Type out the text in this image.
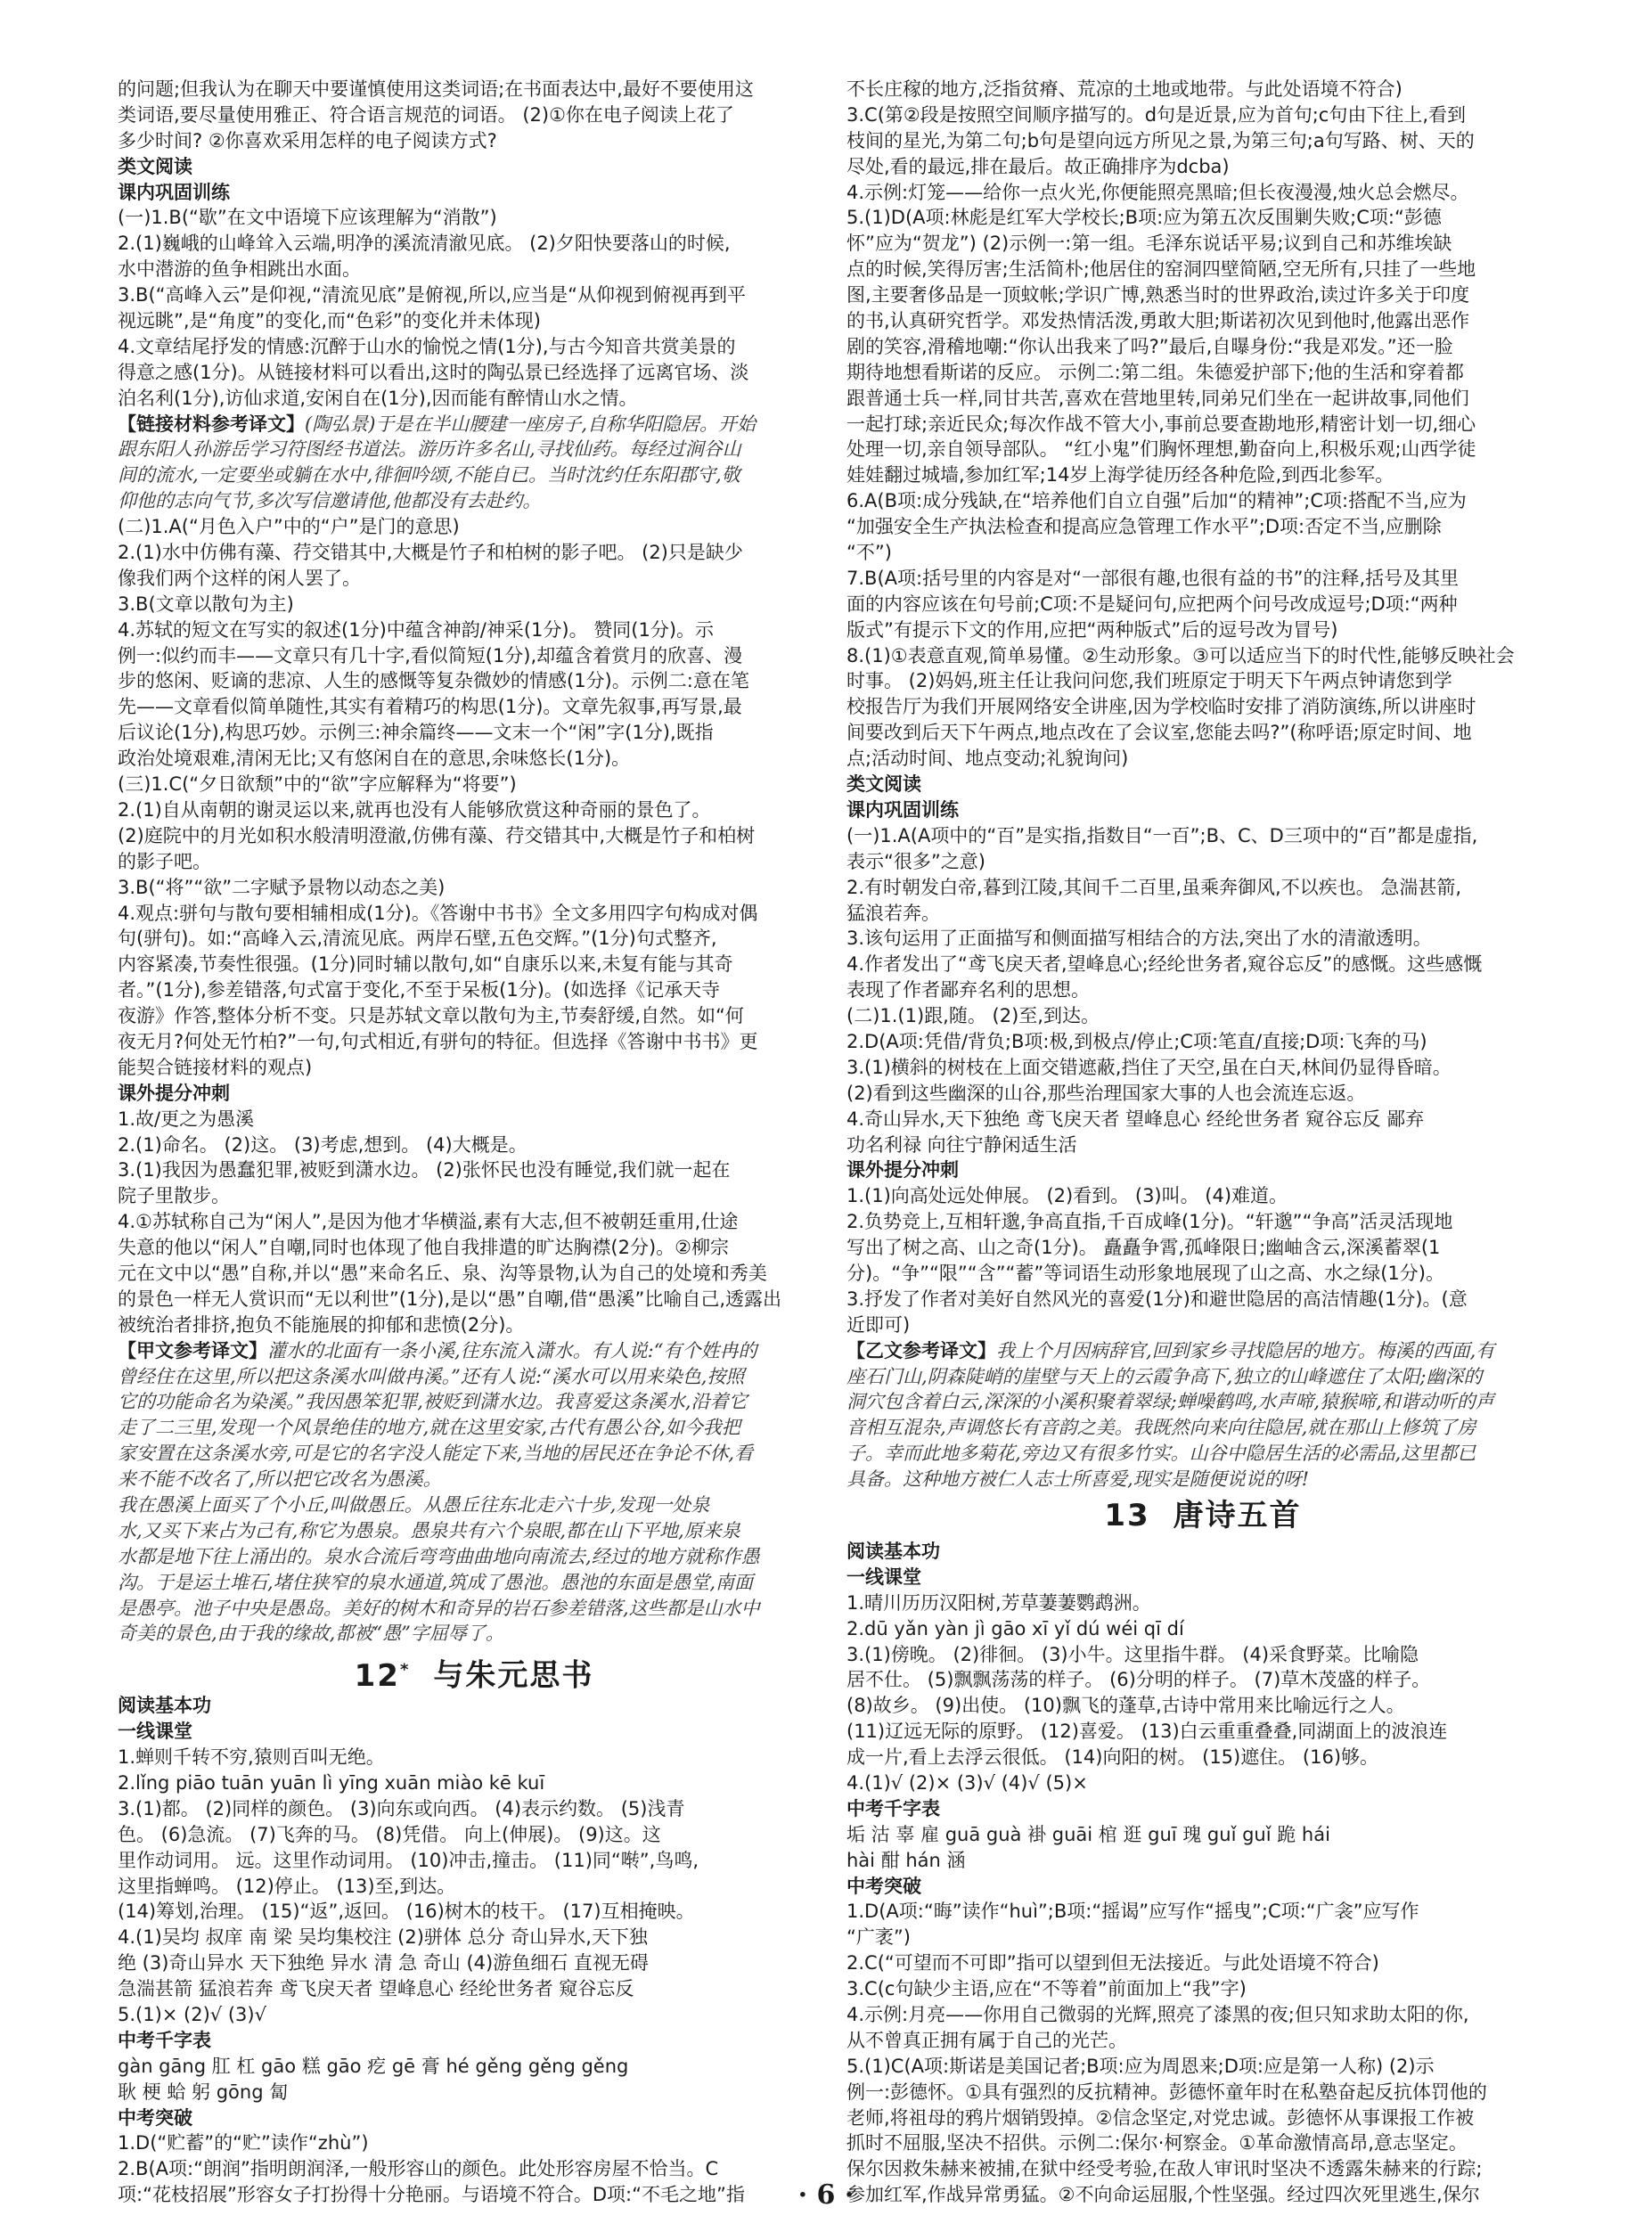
的问题;但我认为在聊天中要谨慎使用这类词语;在书面表达中,最好不要使用这
类词语,要尽量使用雅正、符合语言规范的词语。 (2)①你在电子阅读上花了
多少时间? ②你喜欢采用怎样的电子阅读方式?
类文阅读
课内巩固训练
(一)1.B(“歇”在文中语境下应该理解为“消散”)
2.(1)巍峨的山峰耸入云端,明净的溪流清澈见底。 (2)夕阳快要落山的时候,
水中潜游的鱼争相跳出水面。
3.B(“高峰入云”是仰视,“清流见底”是俯视,所以,应当是“从仰视到俯视再到平
视远眺”,是“角度”的变化,而“色彩”的变化并未体现)
4.文章结尾抒发的情感:沉醉于山水的愉悦之情(1分),与古今知音共赏美景的
得意之感(1分)。从链接材料可以看出,这时的陶弘景已经选择了远离官场、淡
泊名利(1分),访仙求道,安闲自在(1分),因而能有醉情山水之情。
【链接材料参考译文】(陶弘景)于是在半山腰建一座房子,自称华阳隐居。开始
跟东阳人孙游岳学习符图经书道法。游历许多名山,寻找仙药。每经过涧谷山
间的流水,一定要坐或躺在水中,徘徊吟颂,不能自已。当时沈约任东阳郡守,敬
仰他的志向气节,多次写信邀请他,他都没有去赴约。
(二)1.A(“月色入户”中的“户”是门的意思)
2.(1)水中仿佛有藻、荇交错其中,大概是竹子和柏树的影子吧。 (2)只是缺少
像我们两个这样的闲人罢了。
3.B(文章以散句为主)
4.苏轼的短文在写实的叙述(1分)中蕴含神韵/神采(1分)。 赞同(1分)。示
例一:似约而丰——文章只有几十字,看似简短(1分),却蕴含着赏月的欣喜、漫
步的悠闲、贬谪的悲凉、人生的感慨等复杂微妙的情感(1分)。示例二:意在笔
先——文章看似简单随性,其实有着精巧的构思(1分)。文章先叙事,再写景,最
后议论(1分),构思巧妙。示例三:神余篇终——文末一个“闲”字(1分),既指
政治处境艰难,清闲无比;又有悠闲自在的意思,余味悠长(1分)。
(三)1.C(“夕日欲颓”中的“欲”字应解释为“将要”)
2.(1)自从南朝的谢灵运以来,就再也没有人能够欣赏这种奇丽的景色了。
(2)庭院中的月光如积水般清明澄澈,仿佛有藻、荇交错其中,大概是竹子和柏树
的影子吧。
3.B(“将”“欲”二字赋予景物以动态之美)
4.观点:骈句与散句要相辅相成(1分)。《答谢中书书》全文多用四字句构成对偶
句(骈句)。如:“高峰入云,清流见底。两岸石壁,五色交辉。”(1分)句式整齐,
内容紧凑,节奏性很强。(1分)同时辅以散句,如“自康乐以来,未复有能与其奇
者。”(1分),参差错落,句式富于变化,不至于呆板(1分)。(如选择《记承天寺
夜游》作答,整体分析不变。只是苏轼文章以散句为主,节奏舒缓,自然。如“何
夜无月?何处无竹柏?”一句,句式相近,有骈句的特征。但选择《答谢中书书》更
能契合链接材料的观点)
课外提分冲刺
1.故/更之为愚溪
2.(1)命名。 (2)这。 (3)考虑,想到。 (4)大概是。
3.(1)我因为愚蠢犯罪,被贬到潇水边。 (2)张怀民也没有睡觉,我们就一起在
院子里散步。
4.①苏轼称自己为“闲人”,是因为他才华横溢,素有大志,但不被朝廷重用,仕途
失意的他以“闲人”自嘲,同时也体现了他自我排遣的旷达胸襟(2分)。②柳宗
元在文中以“愚”自称,并以“愚”来命名丘、泉、沟等景物,认为自己的处境和秀美
的景色一样无人赏识而“无以利世”(1分),是以“愚”自嘲,借“愚溪”比喻自己,透露出
被统治者排挤,抱负不能施展的抑郁和悲愤(2分)。
【甲文参考译文】灌水的北面有一条小溪,往东流入潇水。有人说:“有个姓冉的
曾经住在这里,所以把这条溪水叫做冉溪。”还有人说:“溪水可以用来染色,按照
它的功能命名为染溪。”我因愚笨犯罪,被贬到潇水边。我喜爱这条溪水,沿着它
走了二三里,发现一个风景绝佳的地方,就在这里安家,古代有愚公谷,如今我把
家安置在这条溪水旁,可是它的名字没人能定下来,当地的居民还在争论不休,看
来不能不改名了,所以把它改名为愚溪。
我在愚溪上面买了个小丘,叫做愚丘。从愚丘往东北走六十步,发现一处泉
水,又买下来占为己有,称它为愚泉。愚泉共有六个泉眼,都在山下平地,原来泉
水都是地下往上涌出的。泉水合流后弯弯曲曲地向南流去,经过的地方就称作愚
沟。于是运土堆石,堵住狭窄的泉水通道,筑成了愚池。愚池的东面是愚堂,南面
是愚亭。池子中央是愚岛。美好的树木和奇异的岩石参差错落,这些都是山水中
奇美的景色,由于我的缘故,都被“愚”字屈辱了。
12* 与朱元思书
阅读基本功
一线课堂
1.蝉则千转不穷,猿则百叫无绝。
2.lǐng piāo tuān yuān lì yīng xuān miào kē kuī
3.(1)都。 (2)同样的颜色。 (3)向东或向西。 (4)表示约数。 (5)浅青
色。 (6)急流。 (7)飞奔的马。 (8)凭借。 向上(伸展)。 (9)这。这
里作动词用。 远。这里作动词用。 (10)冲击,撞击。 (11)同“啭”,鸟鸣,
这里指蝉鸣。 (12)停止。 (13)至,到达。
(14)筹划,治理。 (15)“返”,返回。 (16)树木的枝干。 (17)互相掩映。
4.(1)吴均 叔庠 南 梁 吴均集校注 (2)骈体 总分 奇山异水,天下独
绝 (3)奇山异水 天下独绝 异水 清 急 奇山 (4)游鱼细石 直视无碍
急湍甚箭 猛浪若奔 鸢飞戾天者 望峰息心 经纶世务者 窥谷忘反
5.(1)× (2)√ (3)√
中考千字表
gàn gāng 肛 杠 gāo 糕 gāo 疙 gē 膏 hé gěng gěng gěng
耿 梗 蛤 躬 gōng 匐
中考突破
1.D(“贮蓄”的“贮”读作“zhù”)
2.B(A项:“朗润”指明朗润泽,一般形容山的颜色。此处形容房屋不恰当。C
项:“花枝招展”形容女子打扮得十分艳丽。与语境不符合。D项:“不毛之地”指
不长庄稼的地方,泛指贫瘠、荒凉的土地或地带。与此处语境不符合)
3.C(第②段是按照空间顺序描写的。d句是近景,应为首句;c句由下往上,看到
枝间的星光,为第二句;b句是望向远方所见之景,为第三句;a句写路、树、天的
尽处,看的最远,排在最后。故正确排序为dcba)
4.示例:灯笼——给你一点火光,你便能照亮黑暗;但长夜漫漫,烛火总会燃尽。
5.(1)D(A项:林彪是红军大学校长;B项:应为第五次反围剿失败;C项:“彭德
怀”应为“贺龙”) (2)示例一:第一组。毛泽东说话平易;议到自己和苏维埃缺
点的时候,笑得厉害;生活简朴;他居住的窑洞四壁简陋,空无所有,只挂了一些地
图,主要奢侈品是一顶蚊帐;学识广博,熟悉当时的世界政治,读过许多关于印度
的书,认真研究哲学。邓发热情活泼,勇敢大胆;斯诺初次见到他时,他露出恶作
剧的笑容,滑稽地嘲:“你认出我来了吗?”最后,自曝身份:“我是邓发。”还一脸
期待地想看斯诺的反应。 示例二:第二组。朱德爱护部下;他的生活和穿着都
跟普通士兵一样,同甘共苦,喜欢在营地里转,同弟兄们坐在一起讲故事,同他们
一起打球;亲近民众;每次作战不管大小,事前总要查勘地形,精密计划一切,细心
处理一切,亲自领导部队。 “红小鬼”们胸怀理想,勤奋向上,积极乐观;山西学徒
娃娃翻过城墙,参加红军;14岁上海学徒历经各种危险,到西北参军。
6.A(B项:成分残缺,在“培养他们自立自强”后加“的精神”;C项:搭配不当,应为
“加强安全生产执法检查和提高应急管理工作水平”;D项:否定不当,应删除
“不”)
7.B(A项:括号里的内容是对“一部很有趣,也很有益的书”的注释,括号及其里
面的内容应该在句号前;C项:不是疑问句,应把两个问号改成逗号;D项:“两种
版式”有提示下文的作用,应把“两种版式”后的逗号改为冒号)
8.(1)①表意直观,简单易懂。②生动形象。③可以适应当下的时代性,能够反映社会
时事。 (2)妈妈,班主任让我问问您,我们班原定于明天下午两点钟请您到学
校报告厅为我们开展网络安全讲座,因为学校临时安排了消防演练,所以讲座时
间要改到后天下午两点,地点改在了会议室,您能去吗?”(称呼语;原定时间、地
点;活动时间、地点变动;礼貌询问)
类文阅读
课内巩固训练
(一)1.A(A项中的“百”是实指,指数目“一百”;B、C、D三项中的“百”都是虚指,
表示“很多”之意)
2.有时朝发白帝,暮到江陵,其间千二百里,虽乘奔御风,不以疾也。 急湍甚箭,
猛浪若奔。
3.该句运用了正面描写和侧面描写相结合的方法,突出了水的清澈透明。
4.作者发出了“鸢飞戾天者,望峰息心;经纶世务者,窥谷忘反”的感慨。这些感慨
表现了作者鄙弃名利的思想。
(二)1.(1)跟,随。 (2)至,到达。
2.D(A项:凭借/背负;B项:极,到极点/停止;C项:笔直/直接;D项:飞奔的马)
3.(1)横斜的树枝在上面交错遮蔽,挡住了天空,虽在白天,林间仍显得昏暗。
(2)看到这些幽深的山谷,那些治理国家大事的人也会流连忘返。
4.奇山异水,天下独绝 鸢飞戾天者 望峰息心 经纶世务者 窥谷忘反 鄙弃
功名利禄 向往宁静闲适生活
课外提分冲刺
1.(1)向高处远处伸展。 (2)看到。 (3)叫。 (4)难道。
2.负势竞上,互相轩邈,争高直指,千百成峰(1分)。“轩邈”“争高”活灵活现地
写出了树之高、山之奇(1分)。 矗矗争霄,孤峰限日;幽岫含云,深溪蓄翠(1
分)。“争”“限”“含”“蓄”等词语生动形象地展现了山之高、水之绿(1分)。
3.抒发了作者对美好自然风光的喜爱(1分)和避世隐居的高洁情趣(1分)。(意
近即可)
【乙文参考译文】我上个月因病辞官,回到家乡寻找隐居的地方。梅溪的西面,有
座石门山,阴森陡峭的崖壁与天上的云霞争高下,独立的山峰遮住了太阳;幽深的
洞穴包含着白云,深深的小溪积聚着翠绿;蝉噪鹤鸣,水声啼,猿猴啼,和谐动听的声
音相互混杂,声调悠长有音韵之美。我既然向来向往隐居,就在那山上修筑了房
子。幸而此地多菊花,旁边又有很多竹实。山谷中隐居生活的必需品,这里都已
具备。这种地方被仁人志士所喜爱,现实是随便说说的呀!
13 唐诗五首
阅读基本功
一线课堂
1.晴川历历汉阳树,芳草萋萋鹦鹉洲。
2.dū yǎn yàn jì gāo xī yǐ dú wéi qī dí
3.(1)傍晚。 (2)徘徊。 (3)小牛。这里指牛群。 (4)采食野菜。比喻隐
居不仕。 (5)飘飘荡荡的样子。 (6)分明的样子。 (7)草木茂盛的样子。
(8)故乡。 (9)出使。 (10)飘飞的蓬草,古诗中常用来比喻远行之人。
(11)辽远无际的原野。 (12)喜爱。 (13)白云重重叠叠,同湖面上的波浪连
成一片,看上去浮云很低。 (14)向阳的树。 (15)遮住。 (16)够。
4.(1)√ (2)× (3)√ (4)√ (5)×
中考千字表
垢 沽 辜 雇 guā guà 褂 guāi 棺 逛 guī 瑰 guǐ guǐ 跪 hái
hài 酣 hán 涵
中考突破
1.D(A项:“晦”读作“huì”;B项:“摇谒”应写作“摇曳”;C项:“广衾”应写作
“广袤”)
2.C(“可望而不可即”指可以望到但无法接近。与此处语境不符合)
3.C(c句缺少主语,应在“不等着”前面加上“我”字)
4.示例:月亮——你用自己微弱的光辉,照亮了漆黑的夜;但只知求助太阳的你,
从不曾真正拥有属于自己的光芒。
5.(1)C(A项:斯诺是美国记者;B项:应为周恩来;D项:应是第一人称) (2)示
例一:彭德怀。①具有强烈的反抗精神。彭德怀童年时在私塾奋起反抗体罚他的
老师,将祖母的鸦片烟销毁掉。②信念坚定,对党忠诚。彭德怀从事课报工作被
抓时不屈服,坚决不招供。示例二:保尔·柯察金。①革命激情高昂,意志坚定。
保尔因救朱赫来被捕,在狱中经受考验,在敌人审讯时坚决不透露朱赫来的行踪;
参加红军,作战异常勇猛。②不向命运屈服,个性坚强。经过四次死里逃生,保尔
· 6 ·
